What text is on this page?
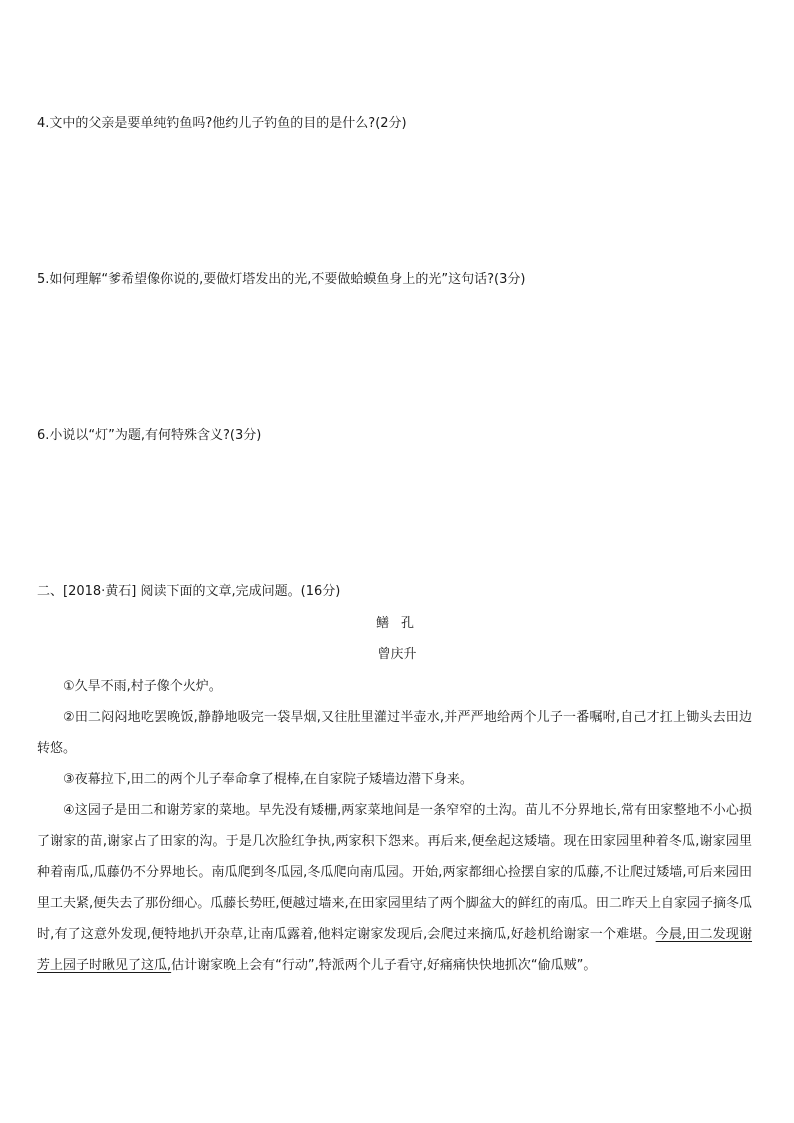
4.文中的父亲是要单纯钓鱼吗?他约儿子钓鱼的目的是什么?(2分)
5.如何理解“爹希望像你说的,要做灯塔发出的光,不要做蛤蟆鱼身上的光”这句话?(3分)
6.小说以“灯”为题,有何特殊含义?(3分)
二、[2018·黄石] 阅读下面的文章,完成问题。(16分)
鳝孔
曾庆升
①久旱不雨,村子像个火炉。
②田二闷闷地吃罢晚饭,静静地吸完一袋旱烟,又往肚里灌过半壶水,并严严地给两个儿子一番嘱咐,自己才扛上锄头去田边转悠。
③夜幕拉下,田二的两个儿子奉命拿了棍棒,在自家院子矮墙边潜下身来。
④这园子是田二和谢芳家的菜地。早先没有矮栅,两家菜地间是一条窄窄的土沟。苗儿不分界地长,常有田家整地不小心损了谢家的苗,谢家占了田家的沟。于是几次脸红争执,两家积下怨来。再后来,便垒起这矮墙。现在田家园里种着冬瓜,谢家园里种着南瓜,瓜藤仍不分界地长。南瓜爬到冬瓜园,冬瓜爬向南瓜园。开始,两家都细心捡摆自家的瓜藤,不让爬过矮墙,可后来园田里工夫紧,便失去了那份细心。瓜藤长势旺,便越过墙来,在田家园里结了两个脚盆大的鲜红的南瓜。田二昨天上自家园子摘冬瓜时,有了这意外发现,便特地扒开杂草,让南瓜露着,他料定谢家发现后,会爬过来摘瓜,好趁机给谢家一个难堪。今晨,田二发现谢芳上园子时瞅见了这瓜,估计谢家晚上会有“行动”,特派两个儿子看守,好痛痛快快地抓次“偷瓜贼”。
